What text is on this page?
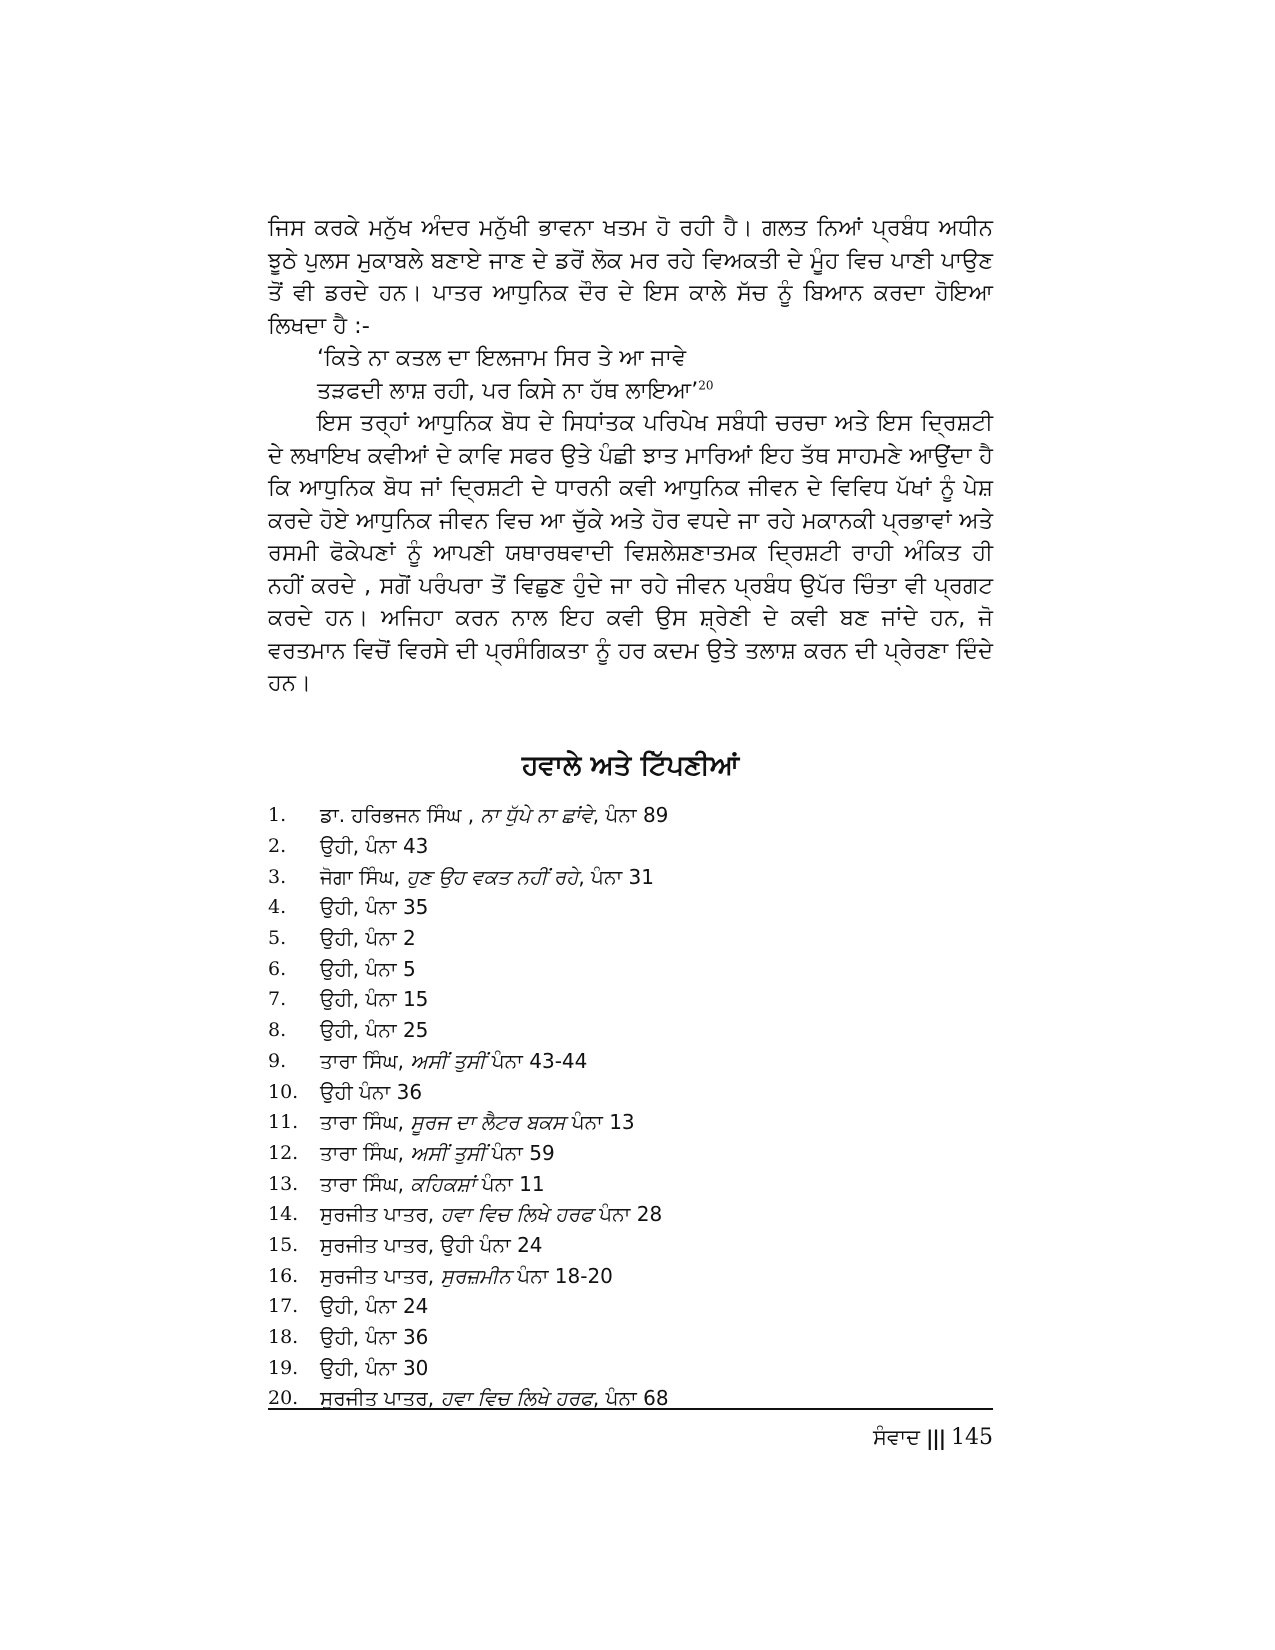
ਜਿਸ ਕਰਕੇ ਮਨੁੱਖ ਅੰਦਰ ਮਨੁੱਖੀ ਭਾਵਨਾ ਖਤਮ ਹੋ ਰਹੀ ਹੈ। ਗਲਤ ਨਿਆਂ ਪ੍ਰਬੰਧ ਅਧੀਨ ਝੂਠੇ ਪੁਲਸ ਮੁਕਾਬਲੇ ਬਣਾਏ ਜਾਣ ਦੇ ਡਰੋਂ ਲੋਕ ਮਰ ਰਹੇ ਵਿਅਕਤੀ ਦੇ ਮੂੰਹ ਵਿਚ ਪਾਣੀ ਪਾਉਣ ਤੋਂ ਵੀ ਡਰਦੇ ਹਨ। ਪਾਤਰ ਆਧੁਨਿਕ ਦੌਰ ਦੇ ਇਸ ਕਾਲੇ ਸੱਚ ਨੂੰ ਬਿਆਨ ਕਰਦਾ ਹੋਇਆ ਲਿਖਦਾ ਹੈ :-

‘ਕਿਤੇ ਨਾ ਕਤਲ ਦਾ ਇਲਜਾਮ ਸਿਰ ਤੇ ਆ ਜਾਵੇ

ਤੜਫਦੀ ਲਾਸ਼ ਰਹੀ, ਪਰ ਕਿਸੇ ਨਾ ਹੱਥ ਲਾਇਆ’$^{20}$

ਇਸ ਤਰ੍ਹਾਂ ਆਧੁਨਿਕ ਬੋਧ ਦੇ ਸਿਧਾਂਤਕ ਪਰਿਪੇਖ ਸਬੰਧੀ ਚਰਚਾ ਅਤੇ ਇਸ ਦ੍ਰਿਸ਼ਟੀ ਦੇ ਲਖਾਇਖ ਕਵੀਆਂ ਦੇ ਕਾਵਿ ਸਫਰ ਉਤੇ ਪੰਛੀ ਝਾਤ ਮਾਰਿਆਂ ਇਹ ਤੱਥ ਸਾਹਮਣੇ ਆਉਂਦਾ ਹੈ ਕਿ ਆਧੁਨਿਕ ਬੋਧ ਜਾਂ ਦ੍ਰਿਸ਼ਟੀ ਦੇ ਧਾਰਨੀ ਕਵੀ ਆਧੁਨਿਕ ਜੀਵਨ ਦੇ ਵਿਵਿਧ ਪੱਖਾਂ ਨੂੰ ਪੇਸ਼ ਕਰਦੇ ਹੋਏ ਆਧੁਨਿਕ ਜੀਵਨ ਵਿਚ ਆ ਚੁੱਕੇ ਅਤੇ ਹੋਰ ਵਧਦੇ ਜਾ ਰਹੇ ਮਕਾਨਕੀ ਪ੍ਰਭਾਵਾਂ ਅਤੇ ਰਸਮੀ ਫੋਕੇਪਣਾਂ ਨੂੰ ਆਪਣੀ ਯਥਾਰਥਵਾਦੀ ਵਿਸ਼ਲੇਸ਼ਣਾਤਮਕ ਦ੍ਰਿਸ਼ਟੀ ਰਾਹੀ ਅੰਕਿਤ ਹੀ ਨਹੀਂ ਕਰਦੇ , ਸਗੋਂ ਪਰੰਪਰਾ ਤੋਂ ਵਿਛੁਣ ਹੁੰਦੇ ਜਾ ਰਹੇ ਜੀਵਨ ਪ੍ਰਬੰਧ ਉਪੱਰ ਚਿੰਤਾ ਵੀ ਪ੍ਰਗਟ ਕਰਦੇ ਹਨ। ਅਜਿਹਾ ਕਰਨ ਨਾਲ ਇਹ ਕਵੀ ਉਸ ਸ਼੍ਰੇਣੀ ਦੇ ਕਵੀ ਬਣ ਜਾਂਦੇ ਹਨ, ਜੋ ਵਰਤਮਾਨ ਵਿਚੋਂ ਵਿਰਸੇ ਦੀ ਪ੍ਰਸੰਗਿਕਤਾ ਨੂੰ ਹਰ ਕਦਮ ਉਤੇ ਤਲਾਸ਼ ਕਰਨ ਦੀ ਪ੍ਰੇਰਣਾ ਦਿੰਦੇ ਹਨ।

ਹਵਾਲੇ ਅਤੇ ਟਿੱਪਣੀਆਂ
1.	ਡਾ. ਹਰਿਭਜਨ ਸਿੰਘ , ਨਾ ਧੁੱਪੇ ਨਾ ਛਾਂਵੇ, ਪੰਨਾ 89
2.	ਉਹੀ, ਪੰਨਾ 43
3.	ਜੋਗਾ ਸਿੰਘ, ਹੁਣ ਉਹ ਵਕਤ ਨਹੀਂ ਰਹੇ, ਪੰਨਾ 31
4.	ਉਹੀ, ਪੰਨਾ 35
5.	ਉਹੀ, ਪੰਨਾ 2
6.	ਉਹੀ, ਪੰਨਾ 5
7.	ਉਹੀ, ਪੰਨਾ 15
8.	ਉਹੀ, ਪੰਨਾ 25
9.	ਤਾਰਾ ਸਿੰਘ, ਅਸੀਂ ਤੁਸੀਂ ਪੰਨਾ 43-44
10.	ਉਹੀ ਪੰਨਾ 36
11.	ਤਾਰਾ ਸਿੰਘ, ਸੂਰਜ ਦਾ ਲੈਟਰ ਬਕਸ ਪੰਨਾ 13
12.	ਤਾਰਾ ਸਿੰਘ, ਅਸੀਂ ਤੁਸੀਂ ਪੰਨਾ 59
13.	ਤਾਰਾ ਸਿੰਘ, ਕਹਿਕਸ਼ਾਂ ਪੰਨਾ 11
14.	ਸੁਰਜੀਤ ਪਾਤਰ, ਹਵਾ ਵਿਚ ਲਿਖੇ ਹਰਫ ਪੰਨਾ 28
15.	ਸੁਰਜੀਤ ਪਾਤਰ, ਉਹੀ ਪੰਨਾ 24
16.	ਸੁਰਜੀਤ ਪਾਤਰ, ਸੁਰਜ਼ਮੀਨ ਪੰਨਾ 18-20
17.	ਉਹੀ, ਪੰਨਾ 24
18.	ਉਹੀ, ਪੰਨਾ 36
19.	ਉਹੀ, ਪੰਨਾ 30
20.	ਸੁਰਜੀਤ ਪਾਤਰ, ਹਵਾ ਵਿਚ ਲਿਖੇ ਹਰਫ, ਪੰਨਾ 68
ਸੰਵਾਦ ||| 145
